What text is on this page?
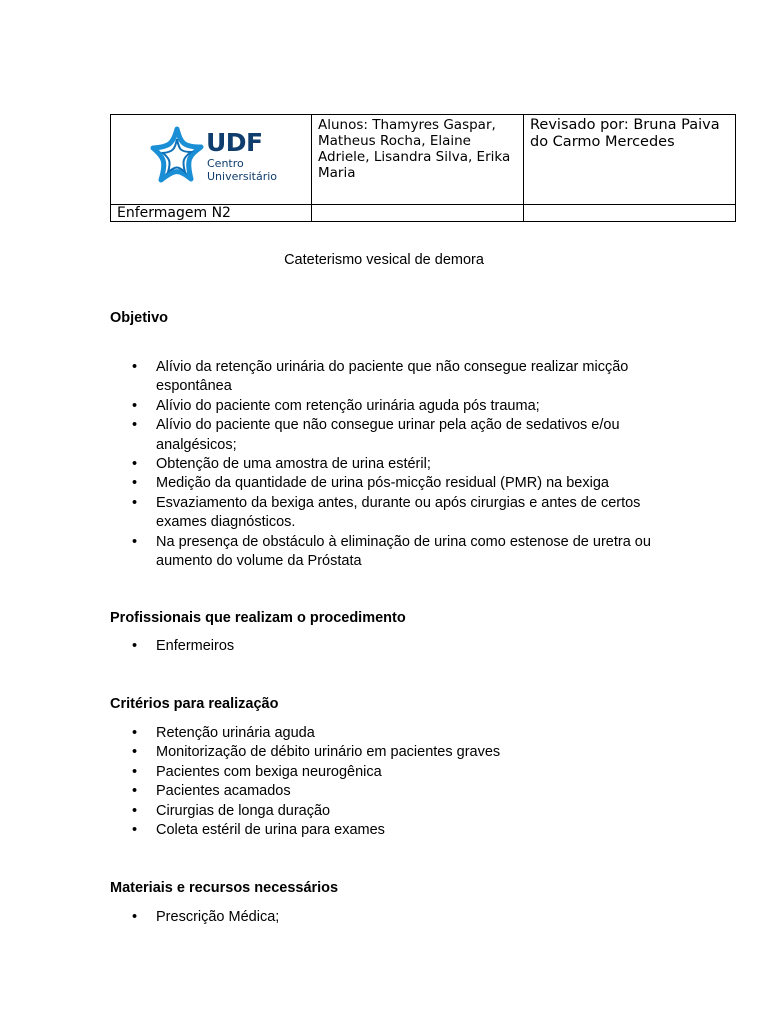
UDF
Centro
Universitário	Alunos: Thamyres Gaspar, Matheus Rocha, Elaine Adriele, Lisandra Silva, Erika Maria	Revisado por: Bruna Paiva do Carmo Mercedes
Enfermagem N2		
Cateterismo vesical de demora
Objetivo
• Alívio da retenção urinária do paciente que não consegue realizar micção espontânea
• Alívio do paciente com retenção urinária aguda pós trauma;
• Alívio do paciente que não consegue urinar pela ação de sedativos e/ou analgésicos;
• Obtenção de uma amostra de urina estéril;
• Medição da quantidade de urina pós-micção residual (PMR) na bexiga
• Esvaziamento da bexiga antes, durante ou após cirurgias e antes de certos exames diagnósticos.
• Na presença de obstáculo à eliminação de urina como estenose de uretra ou aumento do volume da Próstata
Profissionais que realizam o procedimento
• Enfermeiros
Critérios para realização
• Retenção urinária aguda
• Monitorização de débito urinário em pacientes graves
• Pacientes com bexiga neurogênica
• Pacientes acamados
• Cirurgias de longa duração
• Coleta estéril de urina para exames
Materiais e recursos necessários
• Prescrição Médica;
